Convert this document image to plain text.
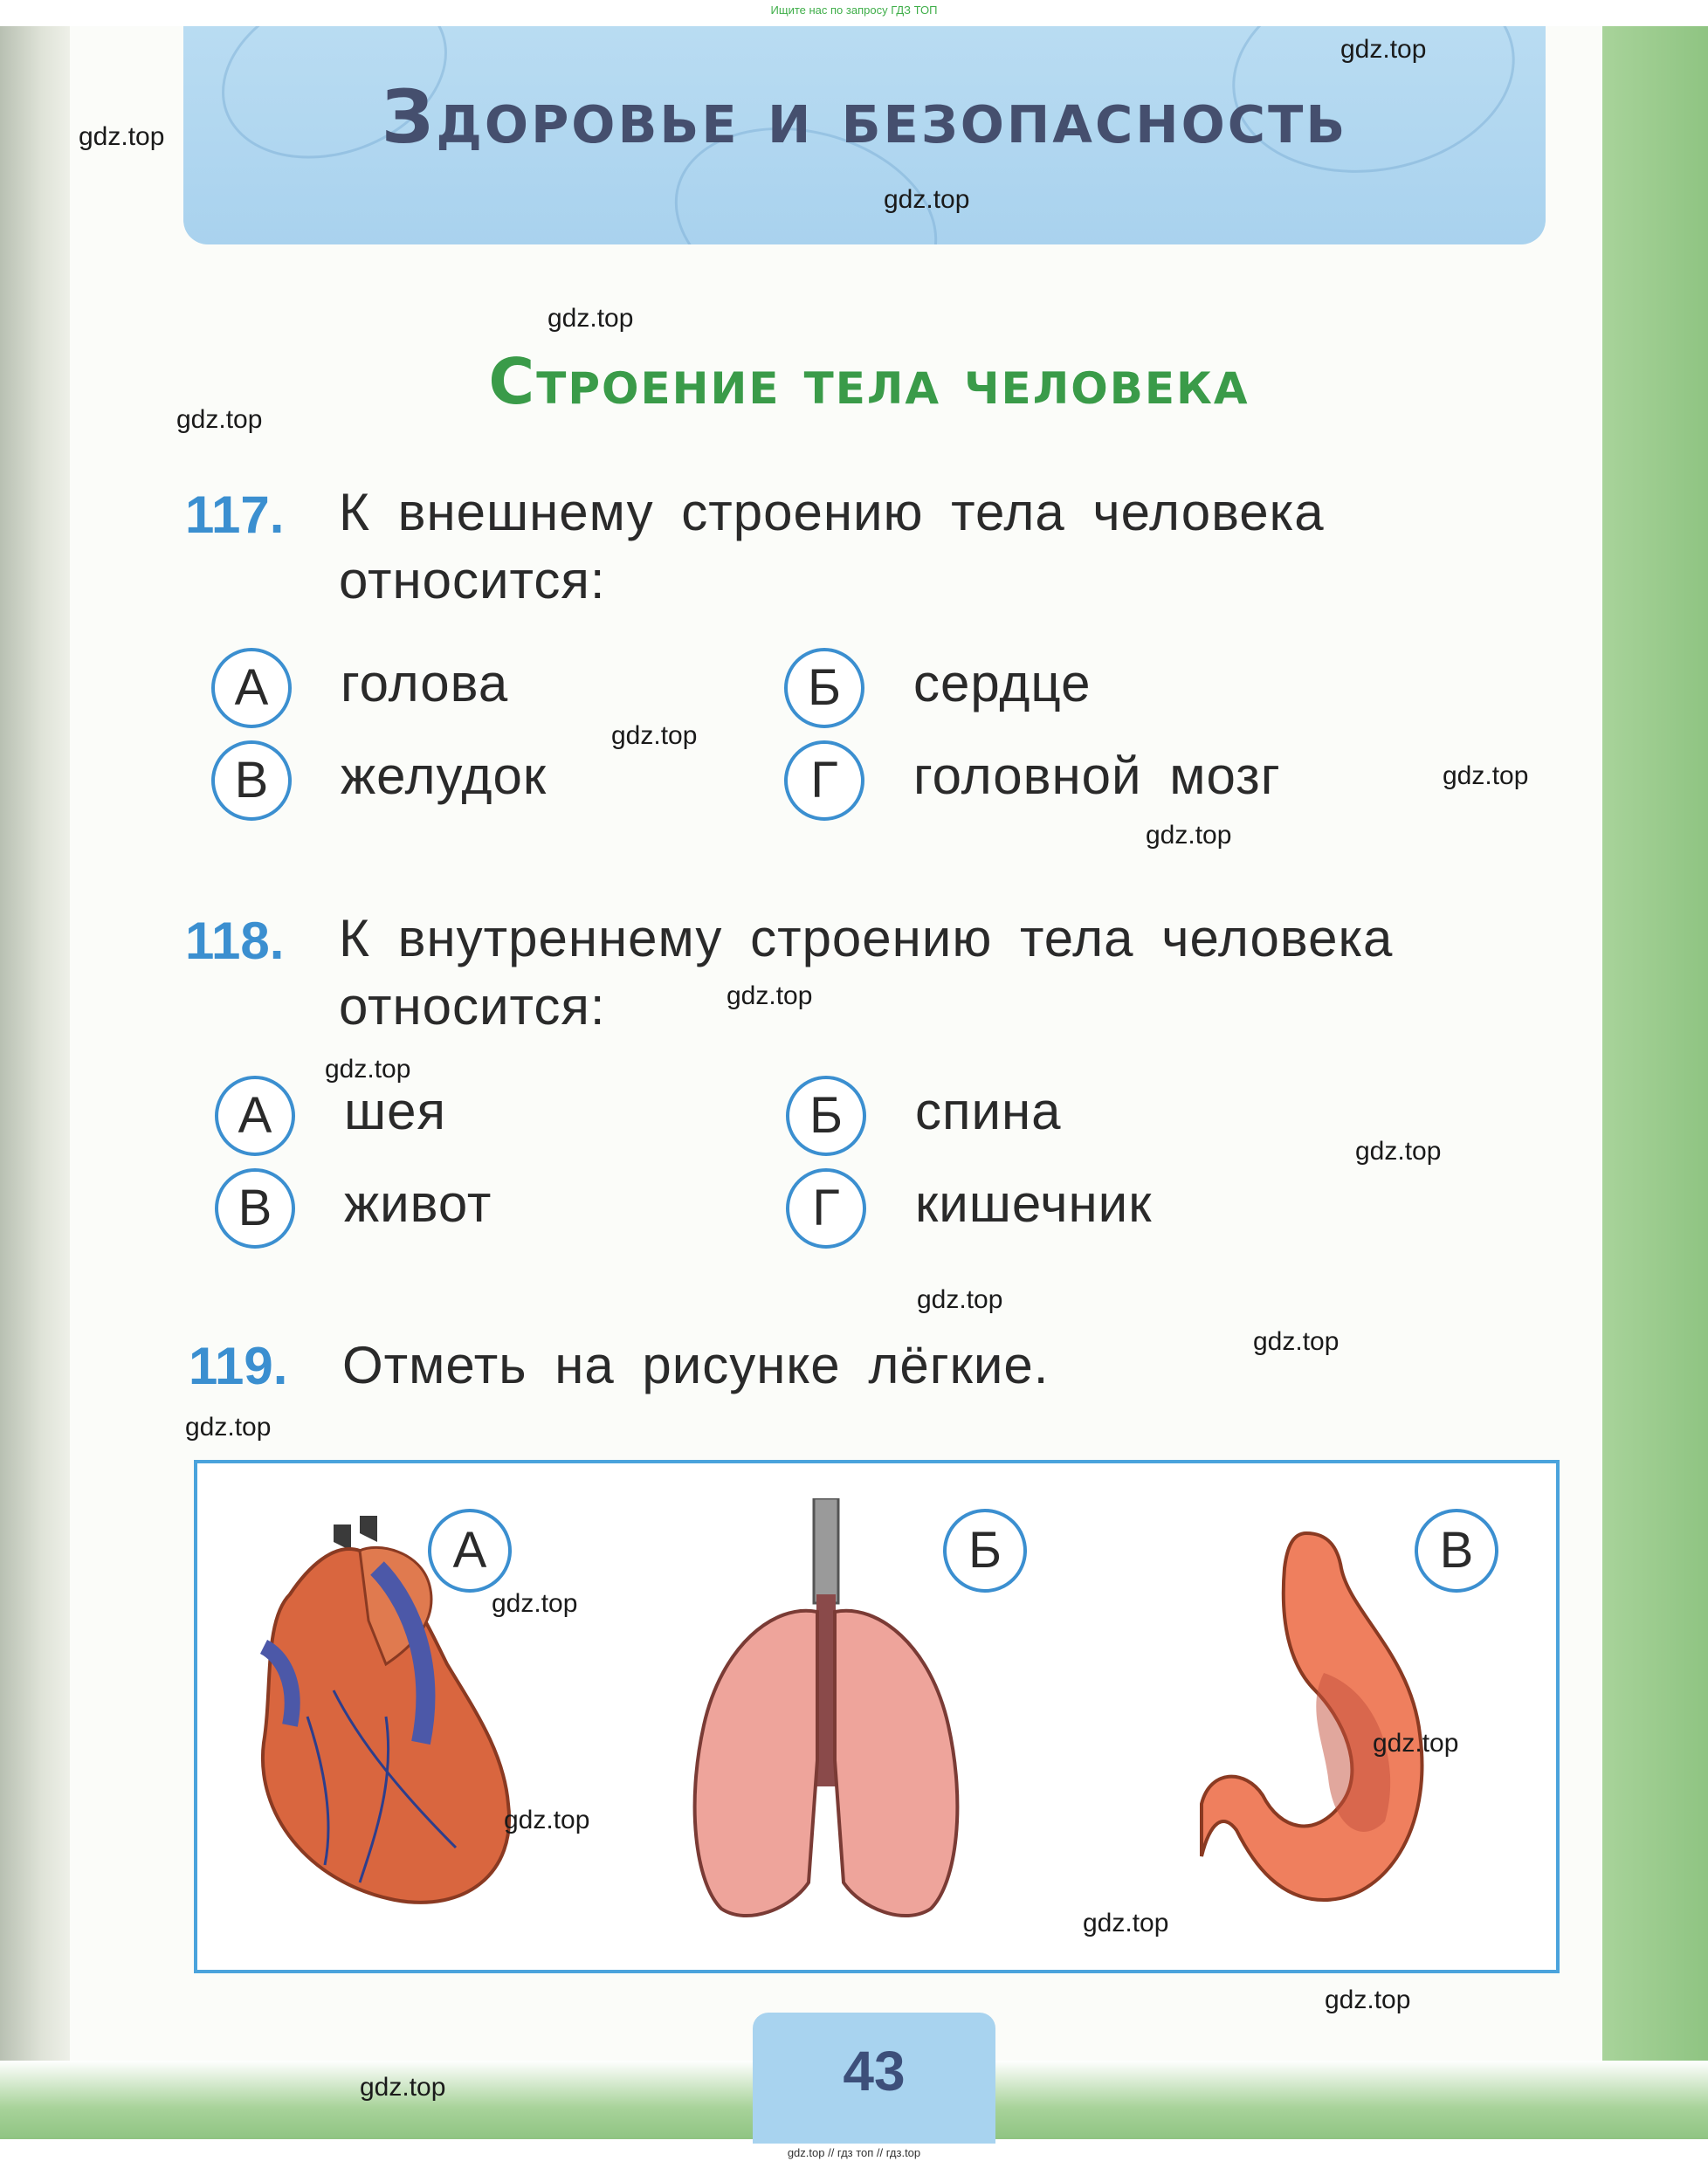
Ищите нас по запросу ГДЗ ТОП
Здоровье и безопасность
Строение тела человека
117. К внешнему строению тела человека
относится:
А	голова	Б	сердце
В	желудок	Г	головной мозг
118. К внутреннему строению тела человека
относится:
А	шея	Б	спина
В	живот	Г	кишечник
119. Отметь на рисунке лёгкие.
А	Б	В
gdz.top
gdz.top
gdz.top
gdz.top
gdz.top
gdz.top
gdz.top
gdz.top
gdz.top
gdz.top
gdz.top
gdz.top
gdz.top
gdz.top
gdz.top
gdz.top
gdz.top
gdz.top
gdz.top
gdz.top	43
gdz.top // гдз топ // гдз.top
